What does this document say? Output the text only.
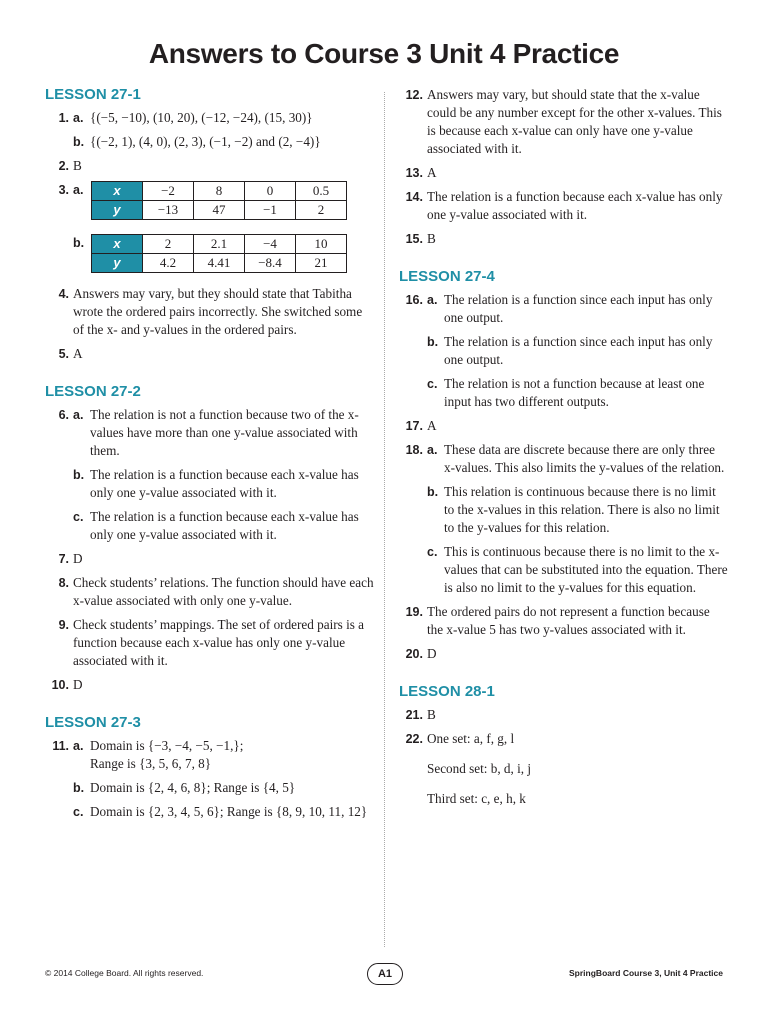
Answers to Course 3 Unit 4 Practice
LESSON 27-1
1. a. {(−5, −10), (10, 20), (−12, −24), (15, 30)}
b. {(−2, 1), (4, 0), (2, 3), (−1, −2) and (2, −4)}
2. B
3. a. x	−2	8	0	0.5
y	−13	47	−1	2
b. x	2	2.1	−4	10
y	4.2	4.41	−8.4	21
4. Answers may vary, but they should state that Tabitha wrote the ordered pairs incorrectly. She switched some of the x- and y-values in the ordered pairs.
5. A
LESSON 27-2
6. a. The relation is not a function because two of the x-values have more than one y-value associated with them.
b. The relation is a function because each x-value has only one y-value associated with it.
c. The relation is a function because each x-value has only one y-value associated with it.
7. D
8. Check students’ relations. The function should have each x-value associated with only one y-value.
9. Check students’ mappings. The set of ordered pairs is a function because each x-value has only one y-value associated with it.
10. D
LESSON 27-3
11. a. Domain is {−3, −4, −5, −1,};
Range is {3, 5, 6, 7, 8}
b. Domain is {2, 4, 6, 8}; Range is {4, 5}
c. Domain is {2, 3, 4, 5, 6}; Range is {8, 9, 10, 11, 12}
12. Answers may vary, but should state that the x-value could be any number except for the other x-values. This is because each x-value can only have one y-value associated with it.
13. A
14. The relation is a function because each x-value has only one y-value associated with it.
15. B
LESSON 27-4
16. a. The relation is a function since each input has only one output.
b. The relation is a function since each input has only one output.
c. The relation is not a function because at least one input has two different outputs.
17. A
18. a. These data are discrete because there are only three x-values. This also limits the y-values of the relation.
b. This relation is continuous because there is no limit to the x-values in this relation. There is also no limit to the y-values for this relation.
c. This is continuous because there is no limit to the x-values that can be substituted into the equation. There is also no limit to the y-values for this equation.
19. The ordered pairs do not represent a function because the x-value 5 has two y-values associated with it.
20. D
LESSON 28-1
21. B
22. One set: a, f, g, l
Second set: b, d, i, j
Third set: c, e, h, k
© 2014 College Board. All rights reserved.	A1	SpringBoard Course 3, Unit 4 Practice
